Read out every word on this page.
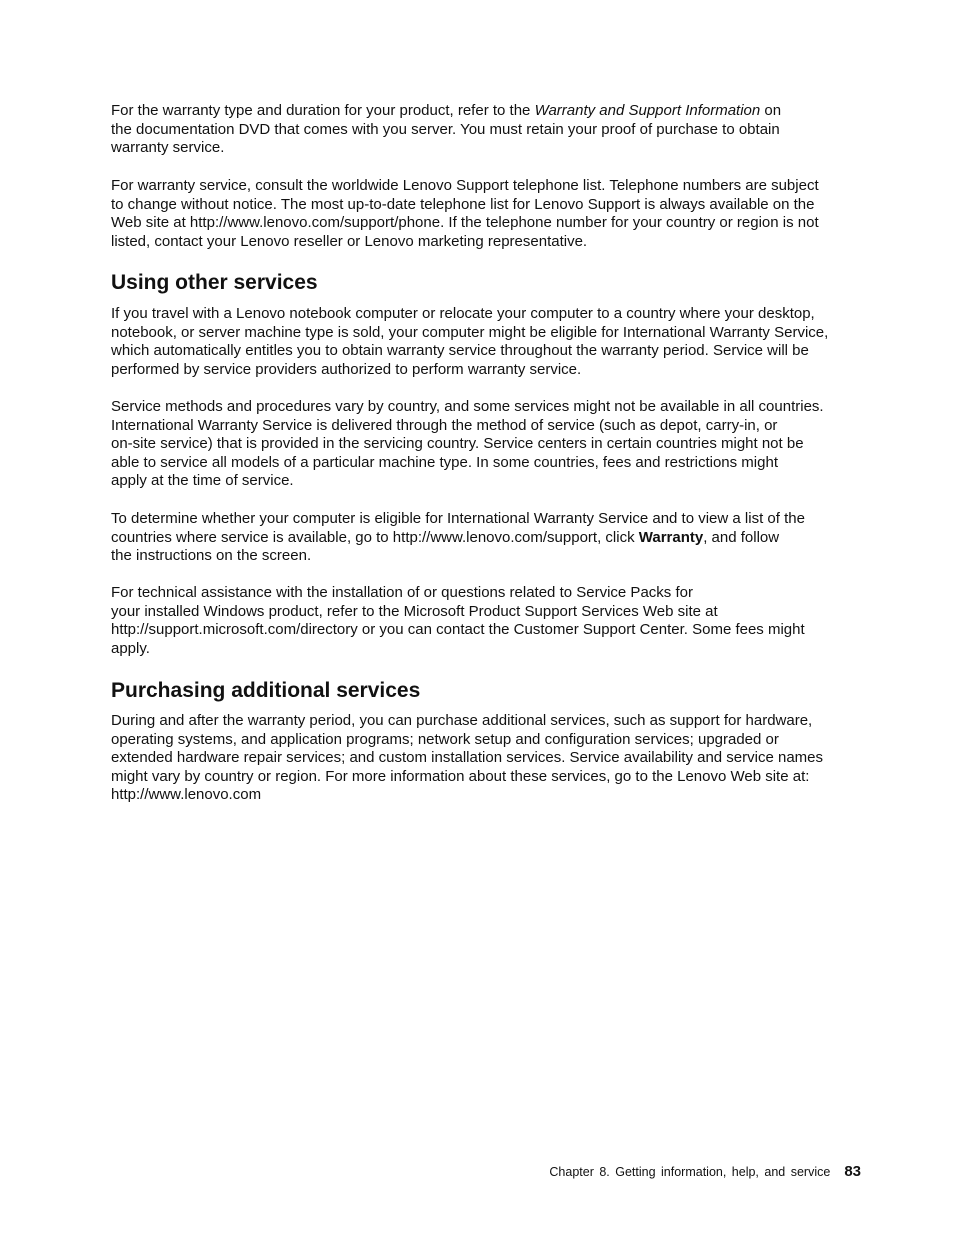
For the warranty type and duration for your product, refer to the Warranty and Support Information on
the documentation DVD that comes with you server. You must retain your proof of purchase to obtain
warranty service.
For warranty service, consult the worldwide Lenovo Support telephone list. Telephone numbers are subject
to change without notice. The most up-to-date telephone list for Lenovo Support is always available on the
Web site at http://www.lenovo.com/support/phone. If the telephone number for your country or region is not
listed, contact your Lenovo reseller or Lenovo marketing representative.
Using other services
If you travel with a Lenovo notebook computer or relocate your computer to a country where your desktop,
notebook, or server machine type is sold, your computer might be eligible for International Warranty Service,
which automatically entitles you to obtain warranty service throughout the warranty period. Service will be
performed by service providers authorized to perform warranty service.
Service methods and procedures vary by country, and some services might not be available in all countries.
International Warranty Service is delivered through the method of service (such as depot, carry-in, or
on-site service) that is provided in the servicing country. Service centers in certain countries might not be
able to service all models of a particular machine type. In some countries, fees and restrictions might
apply at the time of service.
To determine whether your computer is eligible for International Warranty Service and to view a list of the
countries where service is available, go to http://www.lenovo.com/support, click Warranty, and follow
the instructions on the screen.
For technical assistance with the installation of or questions related to Service Packs for
your installed Windows product, refer to the Microsoft Product Support Services Web site at
http://support.microsoft.com/directory or you can contact the Customer Support Center. Some fees might
apply.
Purchasing additional services
During and after the warranty period, you can purchase additional services, such as support for hardware,
operating systems, and application programs; network setup and configuration services; upgraded or
extended hardware repair services; and custom installation services. Service availability and service names
might vary by country or region. For more information about these services, go to the Lenovo Web site at:
http://www.lenovo.com
Chapter 8. Getting information, help, and service 83
